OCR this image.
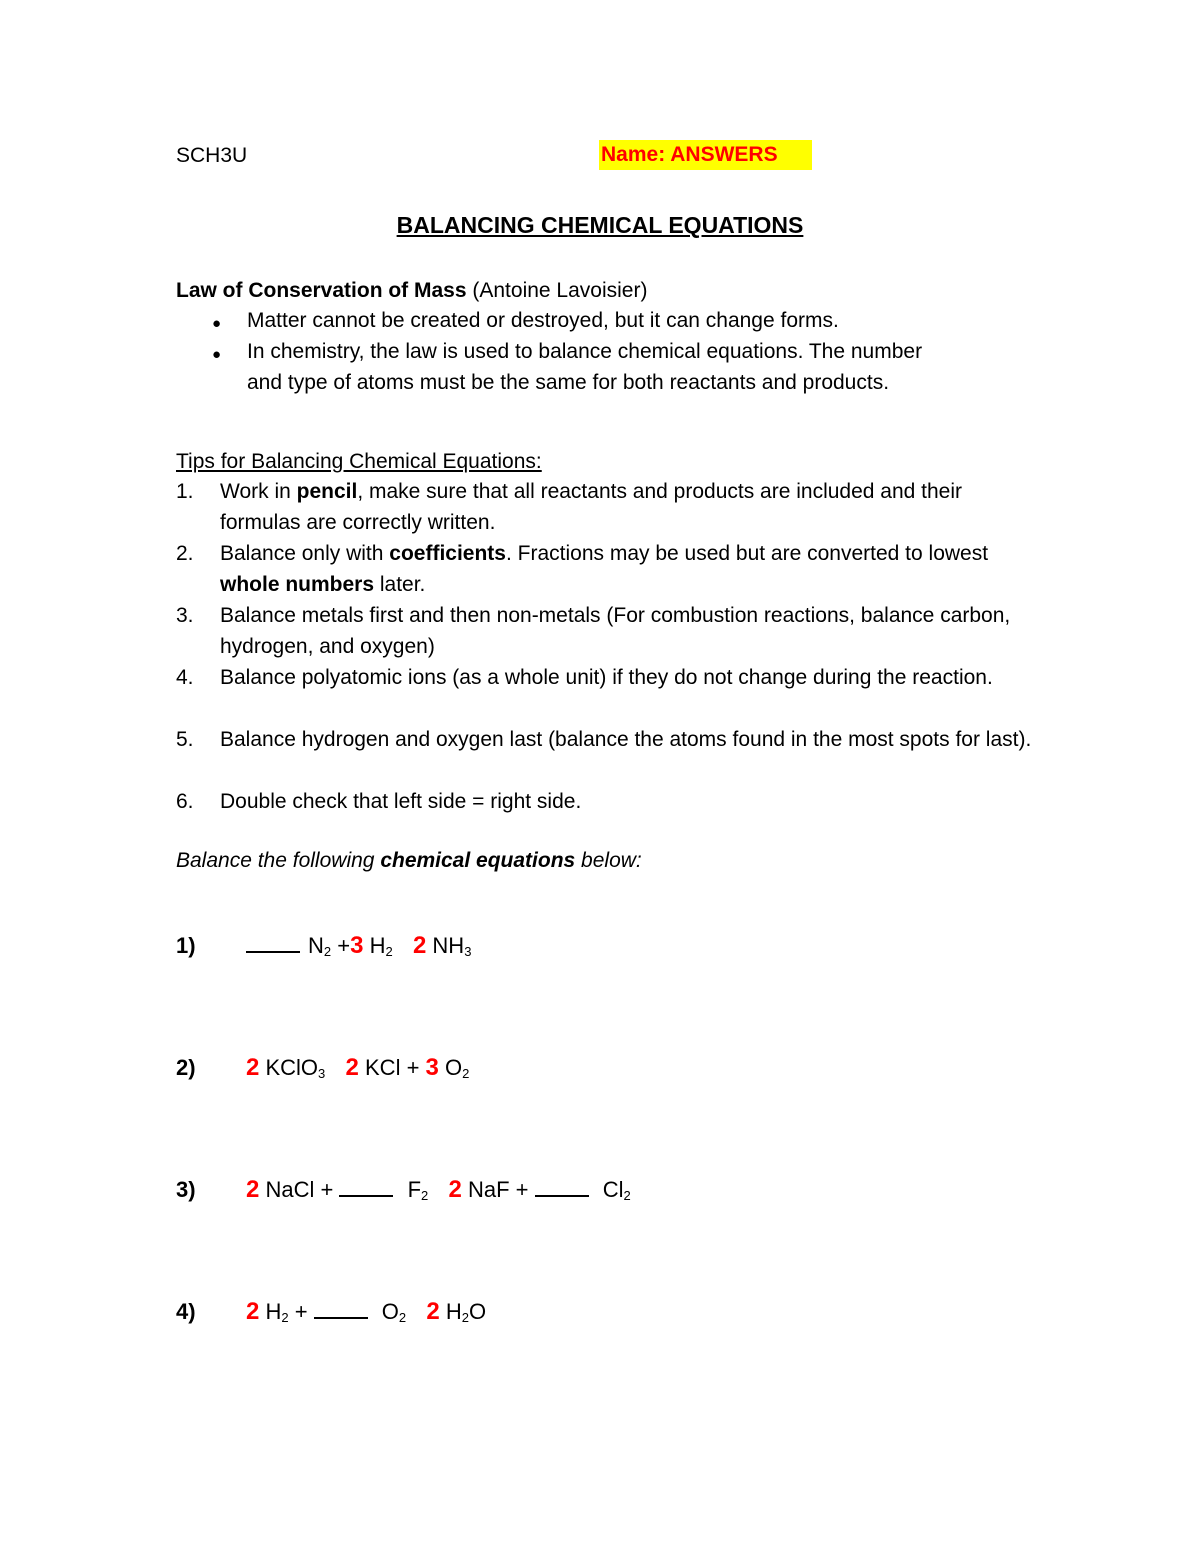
SCH3U	Name: ANSWERS
BALANCING CHEMICAL EQUATIONS
Law of Conservation of Mass (Antoine Lavoisier)
● Matter cannot be created or destroyed, but it can change forms.
● In chemistry, the law is used to balance chemical equations. The number
and type of atoms must be the same for both reactants and products.
Tips for Balancing Chemical Equations:
1. Work in pencil, make sure that all reactants and products are included and their formulas are correctly written.
2. Balance only with coefficients. Fractions may be used but are converted to lowest whole numbers later.
3. Balance metals first and then non-metals (For combustion reactions, balance carbon, hydrogen, and oxygen)
4. Balance polyatomic ions (as a whole unit) if they do not change during the reaction.
5. Balance hydrogen and oxygen last (balance the atoms found in the most spots for last).
6. Double check that left side = right side.
Balance the following chemical equations below:
1)	$N_2 +3$ $H_2$ 2 $NH_3$
2) 2 KClO$_3$ 2 KCl + 3 $O_2$
3) 2 NaCl +	$F_2$ 2 NaF +	$Cl_2$
4) 2 $H_2$ +	$O_2$ 2 $H_2O$
